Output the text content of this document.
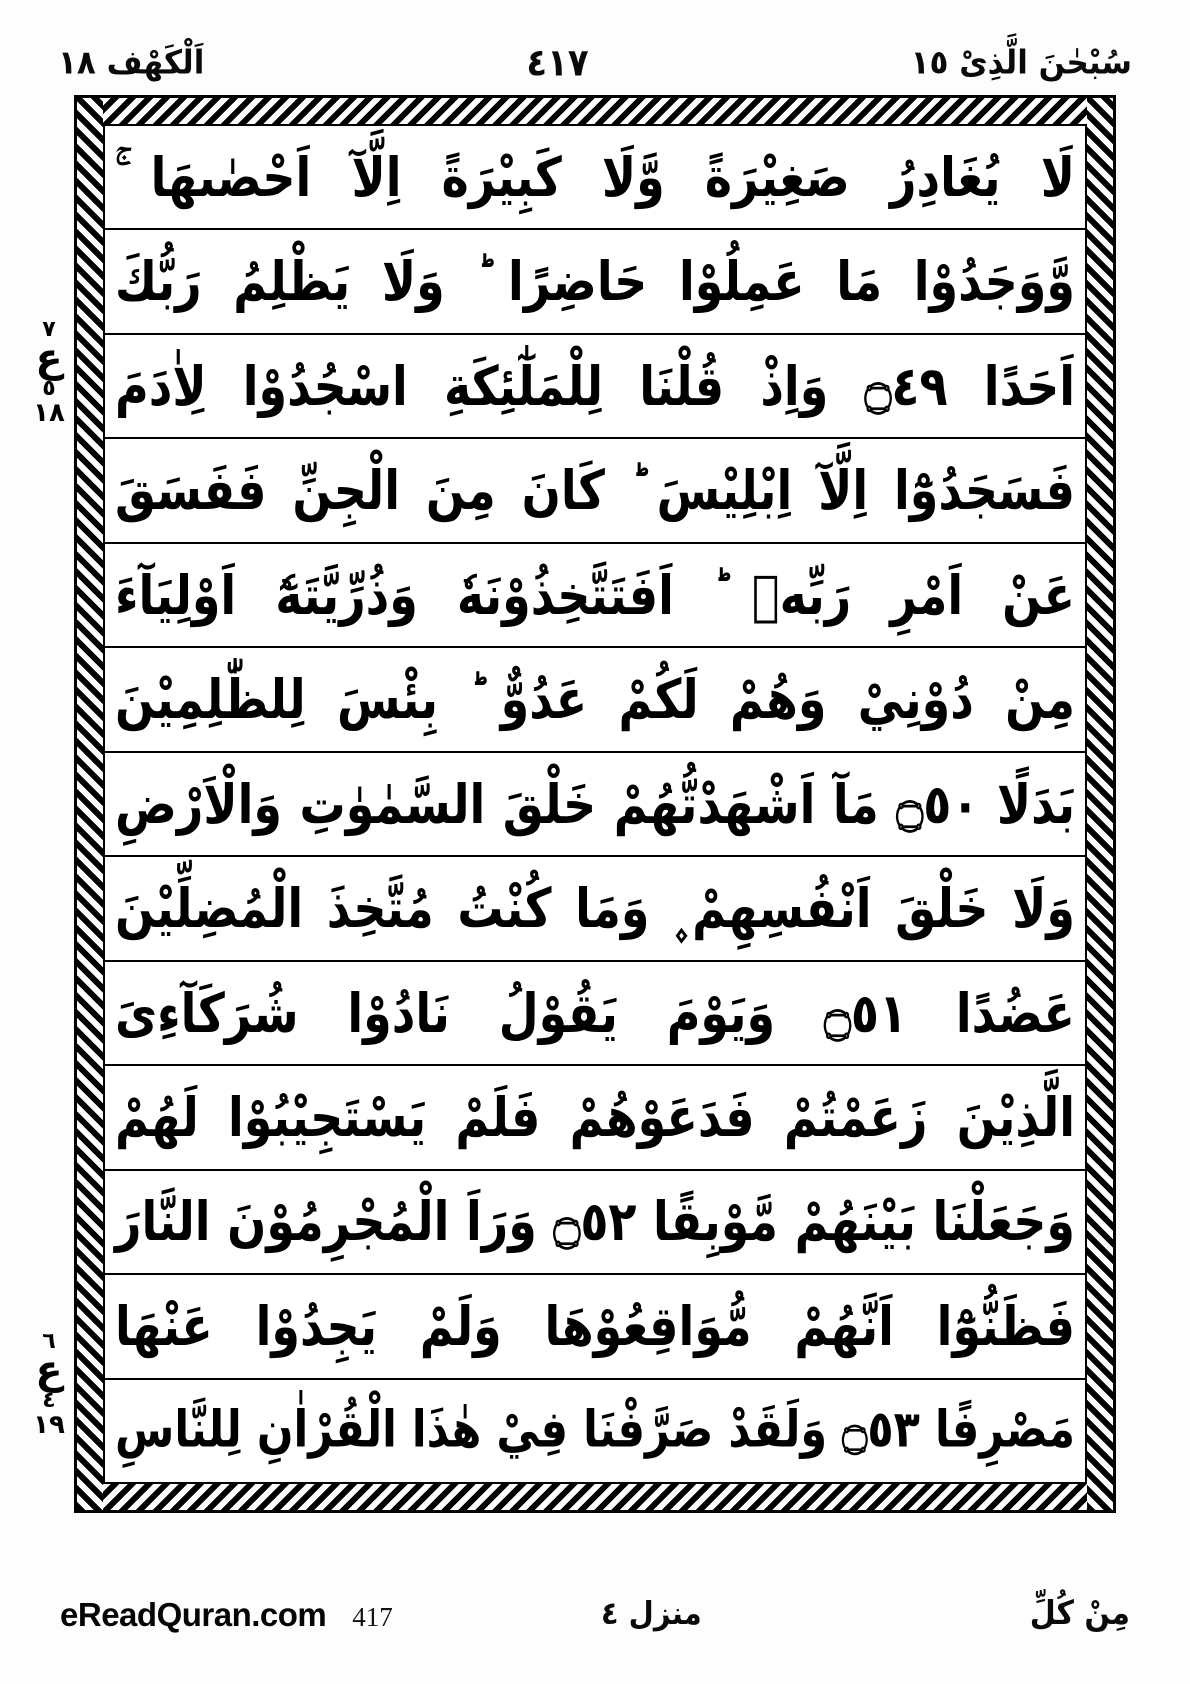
سُبْحٰنَ الَّذِىْ ١٥
٤١٧
اَلْكَهْف ١٨
٧
ع
٥
١٨
٦
ع
٤
١٩
لَا يُغَادِرُ صَغِيْرَةً وَّلَا كَبِيْرَةً اِلَّآ اَحْصٰىهَا ۚ
وَّوَجَدُوْا مَا عَمِلُوْا حَاضِرًا ؕ وَلَا يَظْلِمُ رَبُّكَ
اَحَدًا ۝٤٩ وَاِذْ قُلْنَا لِلْمَلٰٓئِكَةِ اسْجُدُوْا لِاٰدَمَ
فَسَجَدُوْٓا اِلَّآ اِبْلِيْسَ ؕ كَانَ مِنَ الْجِنِّ فَفَسَقَ
عَنْ اَمْرِ رَبِّهٖ ؕ اَفَتَتَّخِذُوْنَهٗ وَذُرِّيَّتَهٗٓ اَوْلِيَآءَ
مِنْ دُوْنِيْ وَهُمْ لَكُمْ عَدُوٌّ ؕ بِئْسَ لِلظّٰلِمِيْنَ
بَدَلًا ۝٥٠ مَآ اَشْهَدْتُّهُمْ خَلْقَ السَّمٰوٰتِ وَالْاَرْضِ
وَلَا خَلْقَ اَنْفُسِهِمْ ۪ وَمَا كُنْتُ مُتَّخِذَ الْمُضِلِّيْنَ
عَضُدًا ۝٥١ وَيَوْمَ يَقُوْلُ نَادُوْا شُرَكَآءِىَ
الَّذِيْنَ زَعَمْتُمْ فَدَعَوْهُمْ فَلَمْ يَسْتَجِيْبُوْا لَهُمْ
وَجَعَلْنَا بَيْنَهُمْ مَّوْبِقًا ۝٥٢ وَرَاَ الْمُجْرِمُوْنَ النَّارَ
فَظَنُّوْٓا اَنَّهُمْ مُّوَاقِعُوْهَا وَلَمْ يَجِدُوْا عَنْهَا
مَصْرِفًا ۝٥٣ وَلَقَدْ صَرَّفْنَا فِيْ هٰذَا الْقُرْاٰنِ لِلنَّاسِ
مِنْ كُلِّ
منزل ٤
eReadQuran.com 417
